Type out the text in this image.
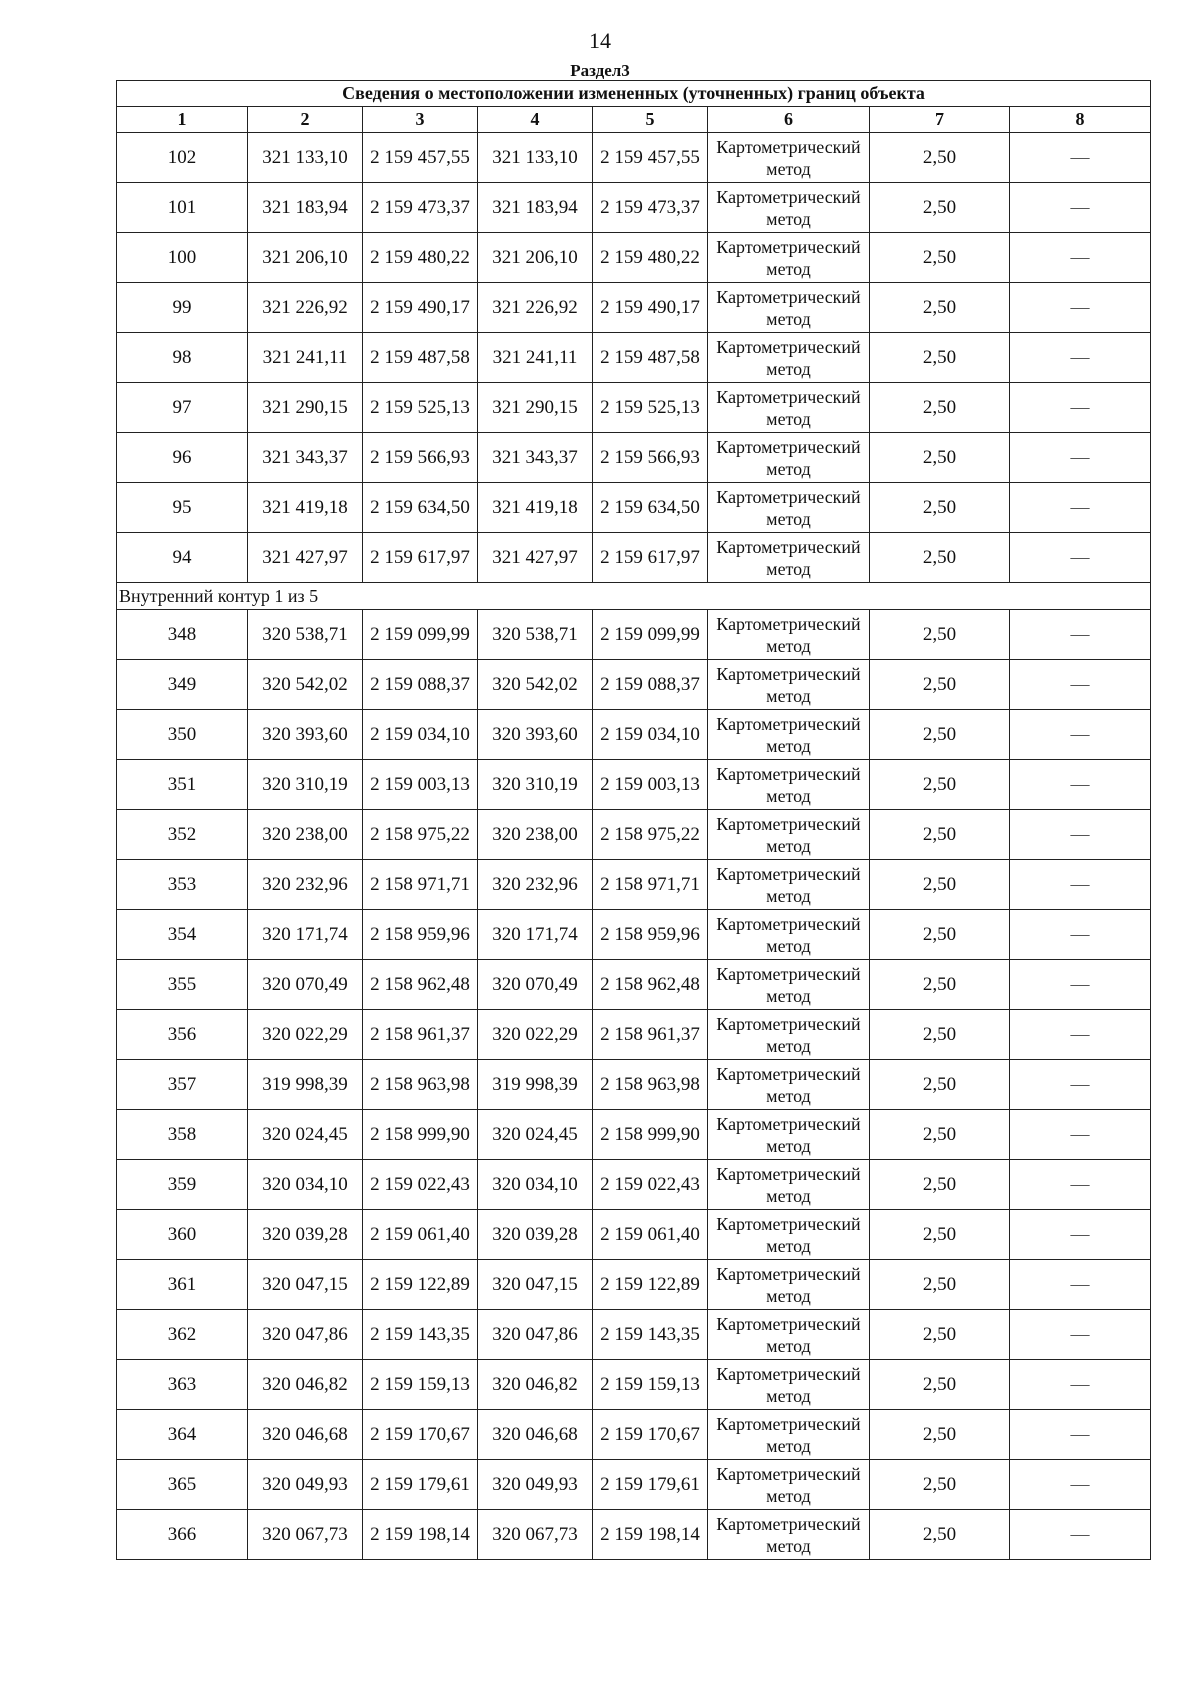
14
Раздел3
Сведения о местоположении измененных (уточненных) границ объекта							
1	2	3	4	5	6	7	8
102	321 133,10	2 159 457,55	321 133,10	2 159 457,55	Картометрический метод	2,50	—
101	321 183,94	2 159 473,37	321 183,94	2 159 473,37	Картометрический метод	2,50	—
100	321 206,10	2 159 480,22	321 206,10	2 159 480,22	Картометрический метод	2,50	—
99	321 226,92	2 159 490,17	321 226,92	2 159 490,17	Картометрический метод	2,50	—
98	321 241,11	2 159 487,58	321 241,11	2 159 487,58	Картометрический метод	2,50	—
97	321 290,15	2 159 525,13	321 290,15	2 159 525,13	Картометрический метод	2,50	—
96	321 343,37	2 159 566,93	321 343,37	2 159 566,93	Картометрический метод	2,50	—
95	321 419,18	2 159 634,50	321 419,18	2 159 634,50	Картометрический метод	2,50	—
94	321 427,97	2 159 617,97	321 427,97	2 159 617,97	Картометрический метод	2,50	—
Внутренний контур 1 из 5							
348	320 538,71	2 159 099,99	320 538,71	2 159 099,99	Картометрический метод	2,50	—
349	320 542,02	2 159 088,37	320 542,02	2 159 088,37	Картометрический метод	2,50	—
350	320 393,60	2 159 034,10	320 393,60	2 159 034,10	Картометрический метод	2,50	—
351	320 310,19	2 159 003,13	320 310,19	2 159 003,13	Картометрический метод	2,50	—
352	320 238,00	2 158 975,22	320 238,00	2 158 975,22	Картометрический метод	2,50	—
353	320 232,96	2 158 971,71	320 232,96	2 158 971,71	Картометрический метод	2,50	—
354	320 171,74	2 158 959,96	320 171,74	2 158 959,96	Картометрический метод	2,50	—
355	320 070,49	2 158 962,48	320 070,49	2 158 962,48	Картометрический метод	2,50	—
356	320 022,29	2 158 961,37	320 022,29	2 158 961,37	Картометрический метод	2,50	—
357	319 998,39	2 158 963,98	319 998,39	2 158 963,98	Картометрический метод	2,50	—
358	320 024,45	2 158 999,90	320 024,45	2 158 999,90	Картометрический метод	2,50	—
359	320 034,10	2 159 022,43	320 034,10	2 159 022,43	Картометрический метод	2,50	—
360	320 039,28	2 159 061,40	320 039,28	2 159 061,40	Картометрический метод	2,50	—
361	320 047,15	2 159 122,89	320 047,15	2 159 122,89	Картометрический метод	2,50	—
362	320 047,86	2 159 143,35	320 047,86	2 159 143,35	Картометрический метод	2,50	—
363	320 046,82	2 159 159,13	320 046,82	2 159 159,13	Картометрический метод	2,50	—
364	320 046,68	2 159 170,67	320 046,68	2 159 170,67	Картометрический метод	2,50	—
365	320 049,93	2 159 179,61	320 049,93	2 159 179,61	Картометрический метод	2,50	—
366	320 067,73	2 159 198,14	320 067,73	2 159 198,14	Картометрический метод	2,50	—
